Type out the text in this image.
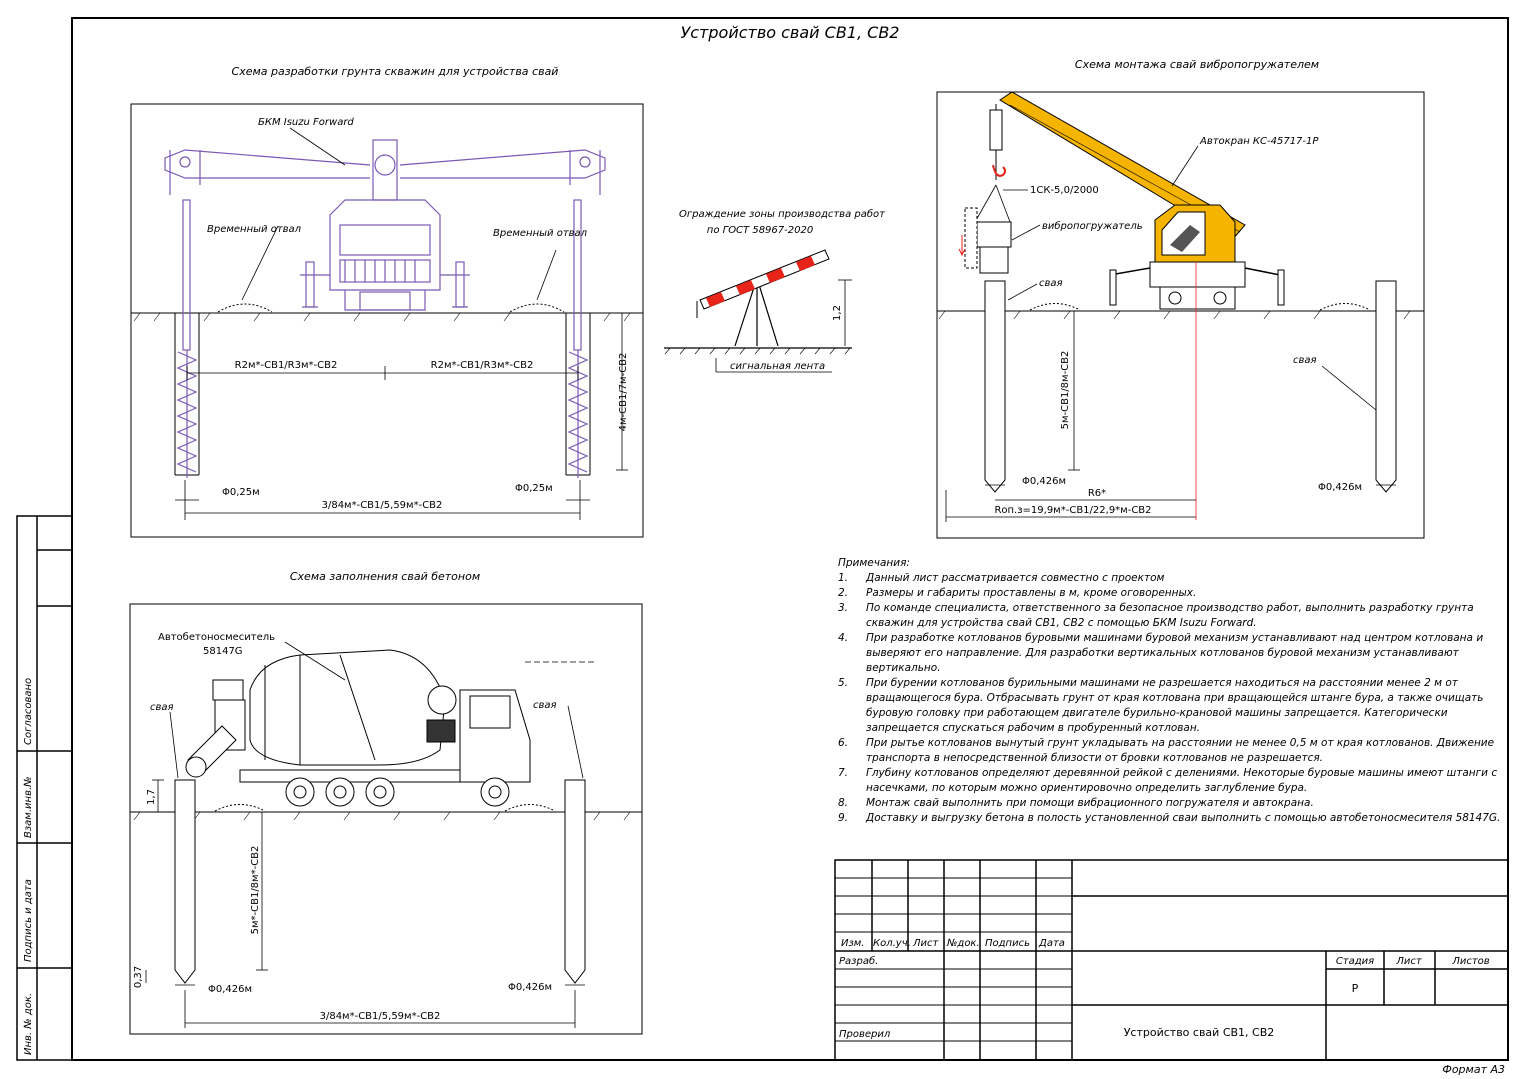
Устройство свай СВ1, СВ2
Формат А3
Согласовано
Взам.инв.№
Подпись и дата
Инв. № док.
Схема разработки грунта скважин для устройства свай
БКМ Isuzu Forward
Временный отвал	Временный отвал
R2м*-СВ1/R3м*-СВ2	R2м*-СВ1/R3м*-СВ2	4м-СВ1/7м-СВ2
Φ0,25м	Φ0,25м
3/84м*-СВ1/5,59м*-СВ2
Ограждение зоны производства работ
по ГОСТ 58967-2020
1,2
сигнальная лента
Схема монтажа свай вибропогружателем
Автокран КС-45717-1Р
1СК-5,0/2000
вибропогружатель
свая
свая
5м-СВ1/8м-СВ2
Φ0,426м
Φ0,426м
R6*
Rоп.з=19,9м*-СВ1/22,9*м-СВ2
Схема заполнения свай бетоном
Автобетоносмеситель
58147G
свая	свая
1,7
5м*-СВ1/8м*-СВ2
0,37
Φ0,426м	Φ0,426м
3/84м*-СВ1/5,59м*-СВ2
Изм. Кол.уч. Лист №док. Подпись Дата
Разраб.
Проверил
Стадия Лист	Листов
Р
Устройство свай СВ1, СВ2

Примечания:

1.	Данный лист рассматривается совместно с проектом
2.	Размеры и габариты проставлены в м, кроме оговоренных.
3.	По команде специалиста, ответственного за безопасное производство работ, выполнить разработку грунта скважин для устройства свай СВ1, СВ2 с помощью БКМ Isuzu Forward.
4.	При разработке котлованов буровыми машинами буровой механизм устанавливают над центром котлована и выверяют его направление. Для разработки вертикальных котлованов буровой механизм устанавливают вертикально.
5.	При бурении котлованов бурильными машинами не разрешается находиться на расстоянии менее 2 м от вращающегося бура. Отбрасывать грунт от края котлована при вращающейся штанге бура, а также очищать буровую головку при работающем двигателе бурильно-крановой машины запрещается. Категорически запрещается спускаться рабочим в пробуренный котлован.
6.	При рытье котлованов вынутый грунт укладывать на расстоянии не менее 0,5 м от края котлованов. Движение транспорта в непосредственной близости от бровки котлованов не разрешается.
7.	Глубину котлованов определяют деревянной рейкой с делениями. Некоторые буровые машины имеют штанги с насечками, по которым можно ориентировочно определить заглубление бура.
8.	Монтаж свай выполнить при помощи вибрационного погружателя и автокрана.
9.	Доставку и выгрузку бетона в полость установленной сваи выполнить с помощью автобетоносмесителя 58147G.
